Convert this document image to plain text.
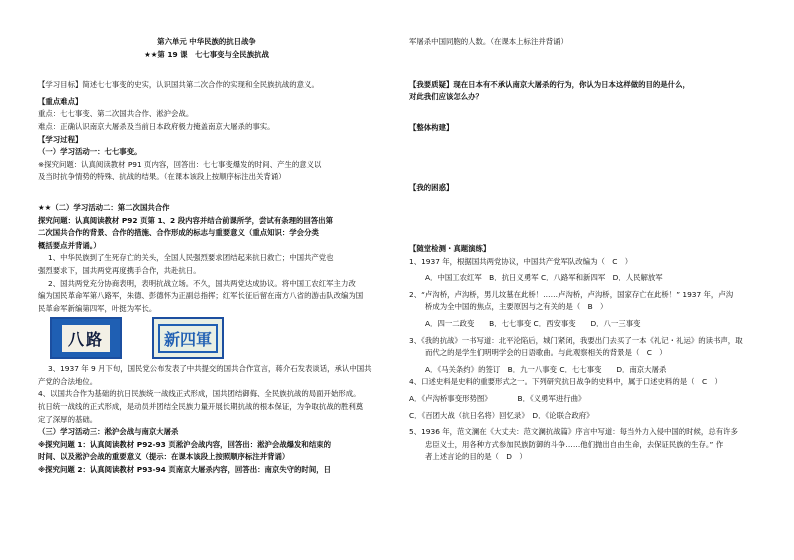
第六单元 中华民族的抗日战争
★★第 19 课　七七事变与全民族抗战
【学习目标】简述七七事变的史实，认识国共第二次合作的实现和全民族抗战的意义。
【重点难点】
重点：七七事变、第二次国共合作、淞沪会战。
难点：正确认识南京大屠杀及当前日本政府极力掩盖南京大屠杀的事实。
【学习过程】
（一）学习活动一：七七事变。
※探究问题：认真阅读教材 P91 页内容，回答出：七七事变爆发的时间、产生的意义以
及当时抗争情势的特殊、抗战的结果。（在课本该段上按顺序标注出关背诵）
★★（二）学习活动二：第二次国共合作
探究问题：认真阅读教材 P92 页第 1、2 段内容并结合前课所学，尝试有条理的回答出第
二次国共合作的背景、合作的措施、合作形成的标志与重要意义（重点知识：学会分类
概括要点并背诵。）
1、中华民族到了生死存亡的关头，全国人民强烈要求团结起来抗日救亡；中国共产党也
强烈要求下，国共两党再度携手合作，共赴抗日。
2、国共两党充分协商表明，表明抗战立场。不久，国共两党达成协议。将中国工农红军主力改
编为国民革命军第八路军，朱德、彭德怀为正副总指挥；红军长征后留在南方八省的游击队改编为国
民革命军新编第四军，叶挺为军长。
八路	新四軍
3、1937 年 9 月下旬，国民党公布发表了中共提交的国共合作宣言，蒋介石发表谈话，承认中国共
产党的合法地位。
4、以国共合作为基础的抗日民族统一战线正式形成，国共团结御侮、全民族抗战的局面开始形成。
抗日统一战线的正式形成，是动员并团结全民族力量开展长期抗战的根本保证，为争取抗战的胜利奠
定了深厚的基础。
（三）学习活动三：淞沪会战与南京大屠杀
※探究问题 1：认真阅读教材 P92-93 页淞沪会战内容，回答出：淞沪会战爆发和结束的
时间、以及淞沪会战的重要意义（提示：在课本该段上按照顺序标注并背诵）
※探究问题 2：认真阅读教材 P93-94 页南京大屠杀内容，回答出：南京失守的时间，日
军屠杀中国同胞的人数。（在课本上标注并背诵）
【我要质疑】现在日本有不承认南京大屠杀的行为，你认为日本这样做的目的是什么，
对此我们应该怎么办？
【整体构建】
【我的困惑】
【随堂检测・真题演练】
1、1937 年，根据国共两党协议，中国共产党军队改编为（　C　）
A．中国工农红军　B．抗日义勇军 C．八路军和新四军　D．人民解放军
2、“卢沟桥，卢沟桥，男儿坟墓在此桥！……卢沟桥，卢沟桥，国家存亡在此桥！” 1937 年，卢沟
桥成为全中国的焦点，主要原因与之有关的是（　B　）
A．四一二政变　　B．七七事变 C．西安事变　　D．八一三事变
3、《我的抗战》一书写道：北平沦陷后，城门紧闭，我要出门去买了一本《礼记・礼运》的读书声，取
而代之的是学生们明明学会的日语歌曲。与此观察相关的背景是（　C　）
A．《马关条约》的签订　B．九一八事变 C．七七事变　　D．南京大屠杀
4、口述史料是史料的重要形式之一。下列研究抗日战争的史料中，属于口述史料的是（　C　）
A．《卢沟桥事变形势图》　　　　B．《义勇军进行曲》
C．《百团大战（抗日名将）回忆录》　D．《论联合政府》
5、1936 年，范文澜在《大丈夫：范文澜抗战篇》序言中写道：每当外力入侵中国的时候，总有许多
忠臣义士，用各种方式参加民族防御的斗争……他们抛出自由生命，去保证民族的生存。” 作
者上述言论的目的是（　D　）
